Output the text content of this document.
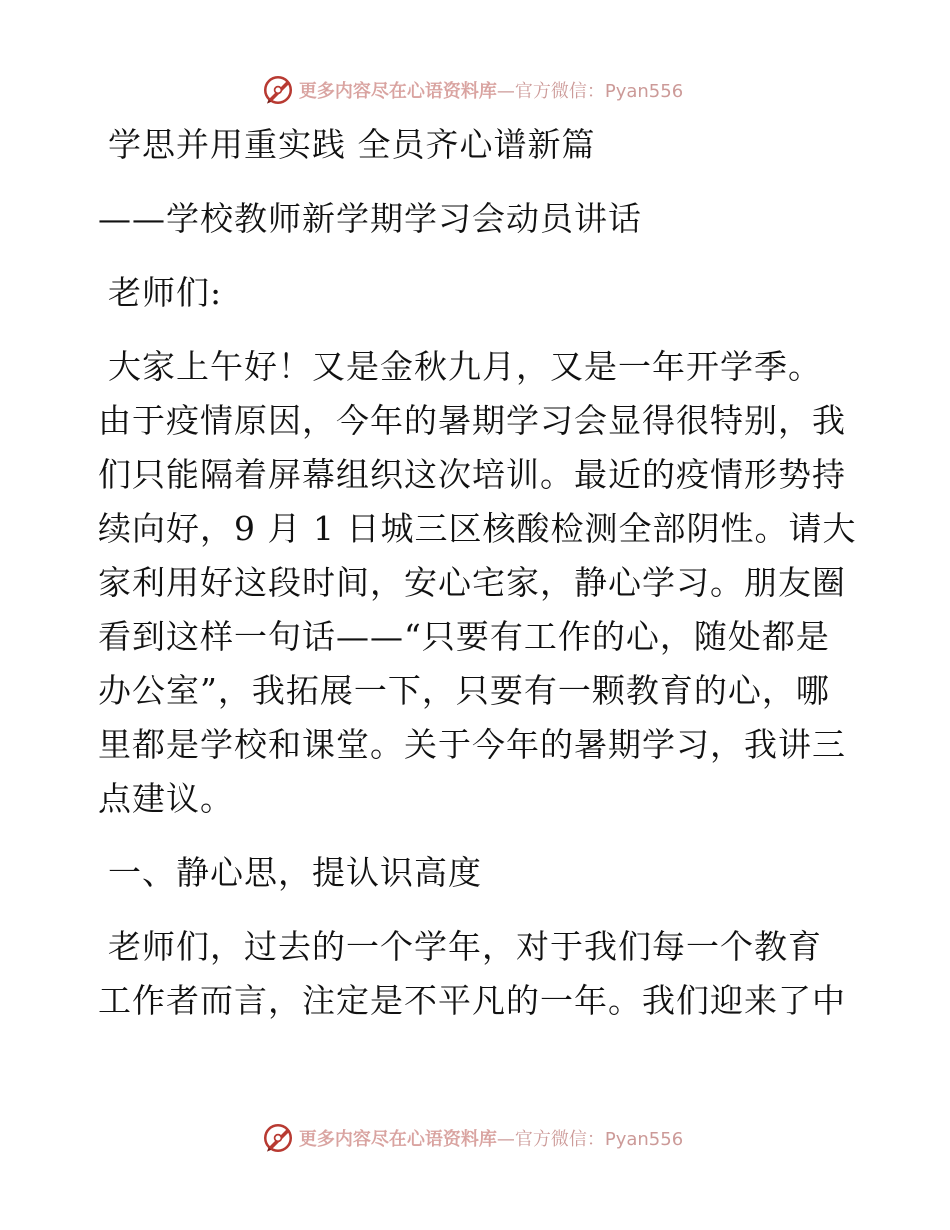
更多内容尽在心语资料库 —官方微信：Pyan556
学思并用重实践 全员齐心谱新篇
——学校教师新学期学习会动员讲话
老师们:
大家上午好！又是金秋九月，又是一年开学季。
由于疫情原因，今年的暑期学习会显得很特别，我
们只能隔着屏幕组织这次培训。最近的疫情形势持
续向好，9 月 1 日城三区核酸检测全部阴性。请大
家利用好这段时间，安心宅家，静心学习。朋友圈
看到这样一句话——“只要有工作的心，随处都是
办公室”，我拓展一下，只要有一颗教育的心，哪
里都是学校和课堂。关于今年的暑期学习，我讲三
点建议。
一、静心思，提认识高度
老师们，过去的一个学年，对于我们每一个教育
工作者而言，注定是不平凡的一年。我们迎来了中
更多内容尽在心语资料库 —官方微信：Pyan556
